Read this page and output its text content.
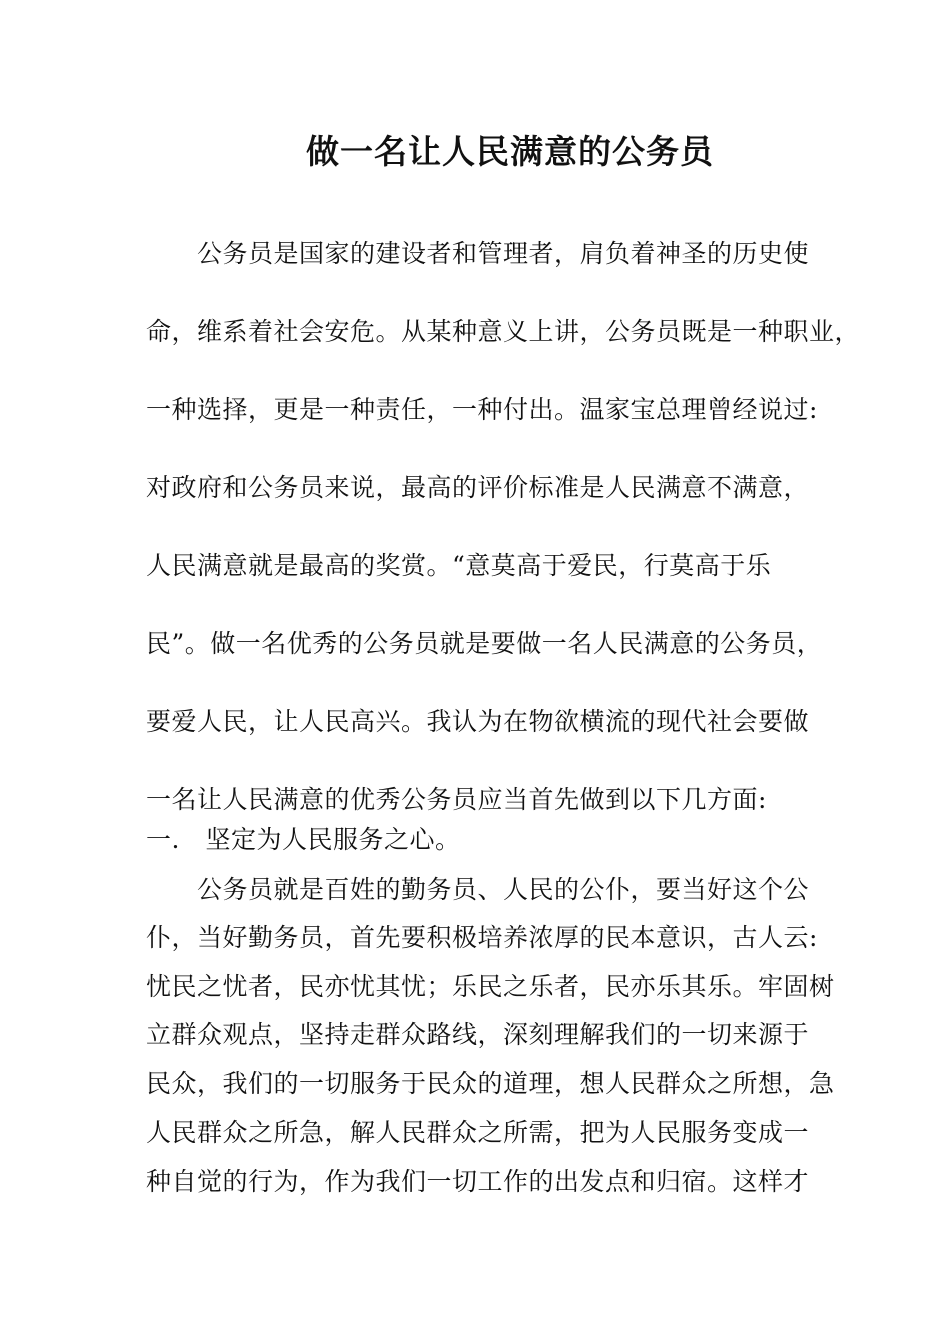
做一名让人民满意的公务员
　　公务员是国家的建设者和管理者，肩负着神圣的历史使
命，维系着社会安危。从某种意义上讲，公务员既是一种职业，
一种选择，更是一种责任，一种付出。温家宝总理曾经说过:
对政府和公务员来说，最高的评价标准是人民满意不满意，
人民满意就是最高的奖赏。“意莫高于爱民，行莫高于乐
民”。做一名优秀的公务员就是要做一名人民满意的公务员，
要爱人民，让人民高兴。我认为在物欲横流的现代社会要做
一名让人民满意的优秀公务员应当首先做到以下几方面:
一.　坚定为人民服务之心。
　　公务员就是百姓的勤务员、人民的公仆，要当好这个公
仆，当好勤务员，首先要积极培养浓厚的民本意识，古人云:
忧民之忧者，民亦忧其忧；乐民之乐者，民亦乐其乐。牢固树
立群众观点，坚持走群众路线，深刻理解我们的一切来源于
民众，我们的一切服务于民众的道理，想人民群众之所想，急
人民群众之所急，解人民群众之所需，把为人民服务变成一
种自觉的行为，作为我们一切工作的出发点和归宿。这样才
